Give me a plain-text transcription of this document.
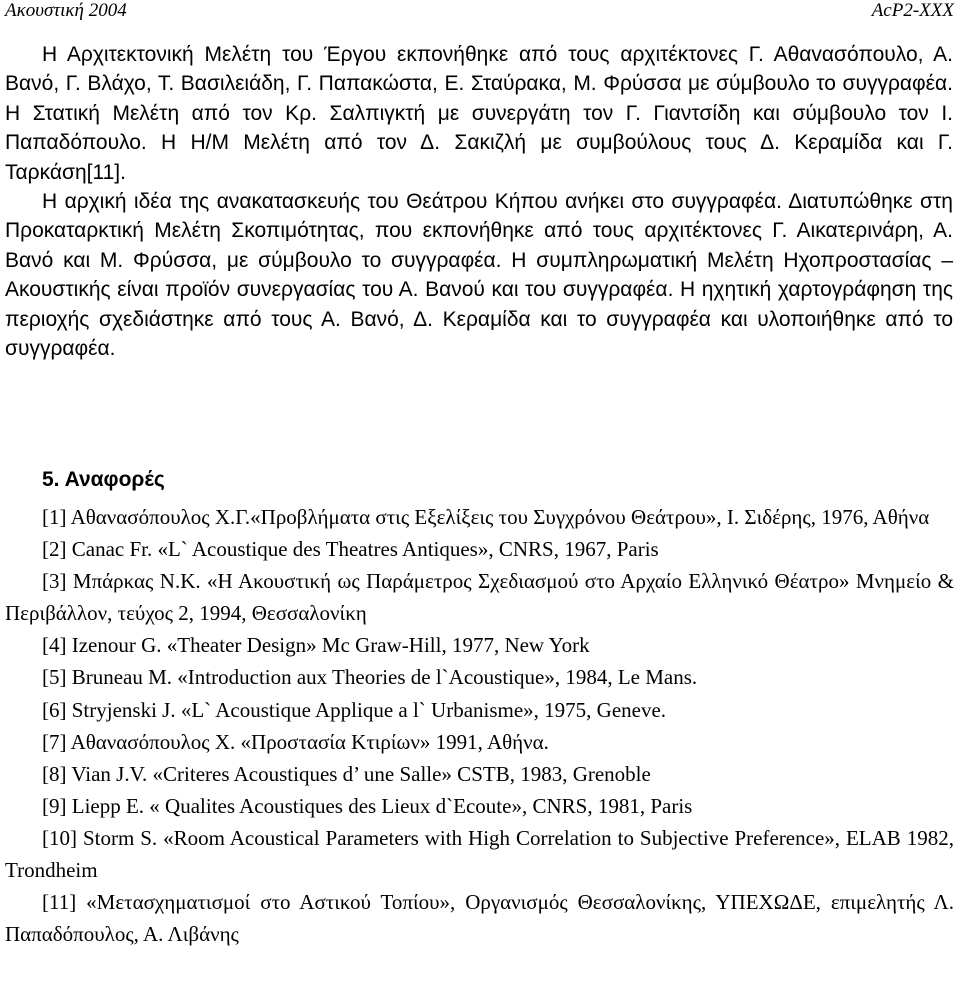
Ακουστική 2004	AcP2-XXX

Η Αρχιτεκτονική Μελέτη του Έργου εκπονήθηκε από τους αρχιτέκτονες Γ. Αθαvασόπουλο, Α. Βανό, Γ. Βλάχο, Τ. Βασιλειάδη, Γ. Παπακώστα, Ε. Σταύρακα, Μ. Φρύσσα με σύμβουλο το συγγραφέα. Η Στατική Μελέτη από τον Κρ. Σαλπιγκτή με συνεργάτη τον Γ. Γιαντσίδη και σύμβουλο τον Ι. Παπαδόπουλο. Η Η/Μ Μελέτη από τον Δ. Σακιζλή με συμβούλους τους Δ. Κεραμίδα και Γ. Ταρκάση[11].

Η αρχική ιδέα της ανακατασκευής του Θεάτρου Κήπου ανήκει στο συγγραφέα. Διατυπώθηκε στη Προκαταρκτική Μελέτη Σκοπιμότητας, που εκπονήθηκε από τους αρχιτέκτονες Γ. Αικατερινάρη, Α. Βανό και Μ. Φρύσσα, με σύμβουλο το συγγραφέα. Η συμπληρωματική Μελέτη Ηχοπροστασίας – Ακουστικής είναι προϊόν συνεργασίας του Α. Βανού και του συγγραφέα. Η ηχητική χαρτογράφηση της περιοχής σχεδιάστηκε από τους Α. Βανό, Δ. Κεραμίδα και το συγγραφέα και υλοποιήθηκε από το συγγραφέα.

5. Αναφορές

[1] Αθανασόπουλος Χ.Γ.«Προβλήματα στις Εξελίξεις του Συγχρόνου Θεάτρου», Ι. Σιδέρης, 1976, Αθήνα

[2] Canac Fr. «L` Acoustique des Theatres Antiques», CNRS, 1967, Paris

[3] Μπάρκας Ν.Κ. «Η Ακουστική ως Παράμετρος Σχεδιασμού στο Αρχαίο Ελληνικό Θέατρο» Μνημείο & Περιβάλλον, τεύχος 2, 1994, Θεσσαλονίκη

[4] Izenour G. «Theater Design» Mc Graw-Hill, 1977, New York

[5] Bruneau M. «Introduction aux Theories de l`Acoustique», 1984, Le Mans.

[6] Stryjenski J. «L` Acoustique Applique a l` Urbanisme», 1975, Geneve.

[7] Αθανασόπουλος Χ. «Προστασία Κτιρίων» 1991, Αθήνα.

[8] Vian J.V. «Criteres Acoustiques d’ une Salle» CSTB, 1983, Grenoble

[9] Liepp E. « Qualites Acoustiques des Lieux d`Ecoute», CNRS, 1981, Paris

[10] Storm S. «Room Acoustical Parameters with High Correlation to Subjective Preference», ELAB 1982, Trondheim

[11] «Μετασχηματισμοί στο Αστικού Τοπίου», Οργανισμός Θεσσαλονίκης, ΥΠΕΧΩΔΕ, επιμελητής Λ. Παπαδόπουλος, Α. Λιβάνης
